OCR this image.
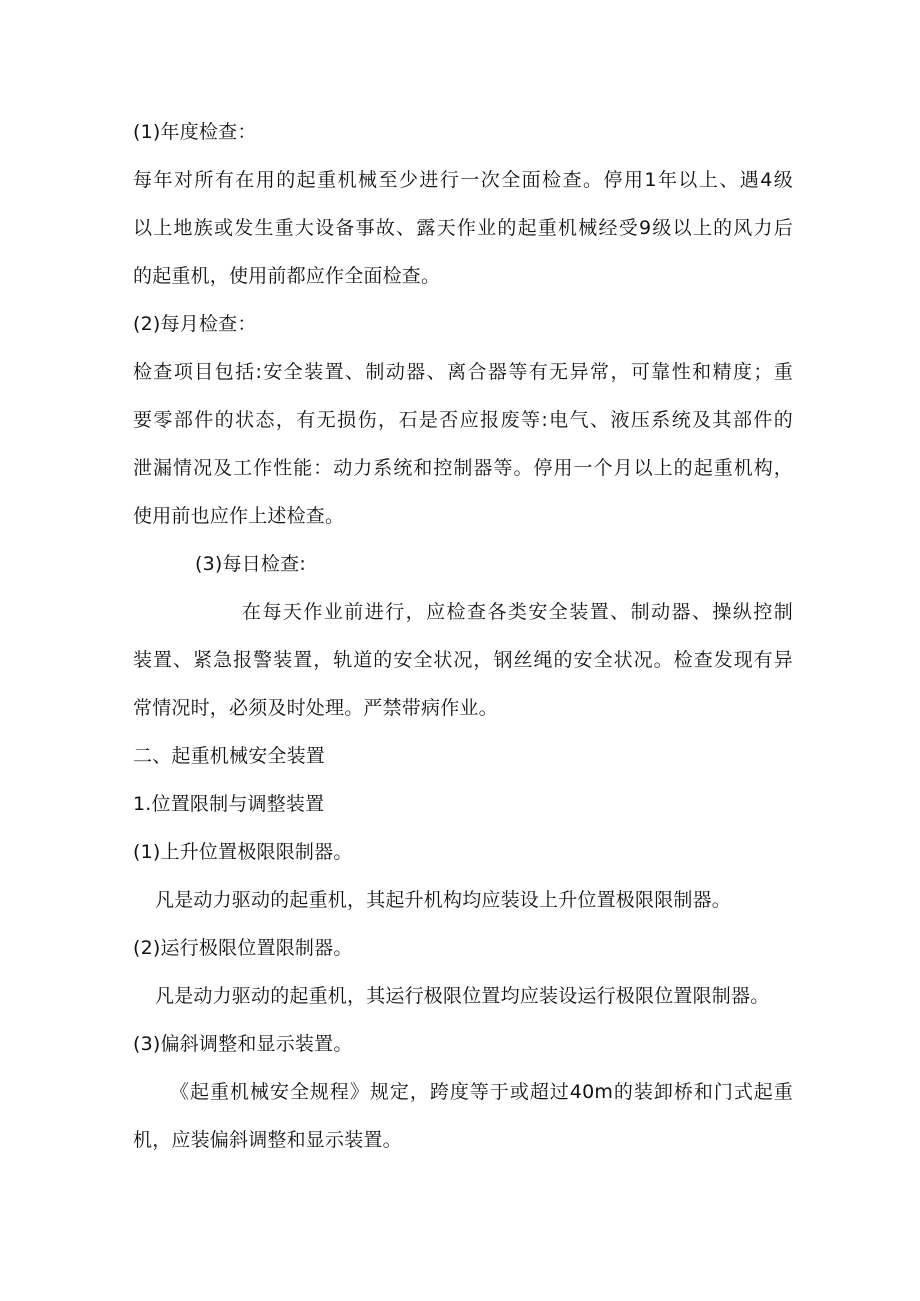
(1)年度检查：
每年对所有在用的起重机械至少进行一次全面检查。停用1年以上、遇4级
以上地族或发生重大设备事故、露天作业的起重机械经受9级以上的风力后
的起重机，使用前都应作全面检查。
(2)每月检查：
检查项目包括:安全装置、制动器、离合器等有无异常，可靠性和精度；重
要零部件的状态，有无损伤，石是否应报废等:电气、液压系统及其部件的
泄漏情况及工作性能：动力系统和控制器等。停用一个月以上的起重机构，
使用前也应作上述检查。
(3)每日检查:
在每天作业前进行，应检查各类安全装置、制动器、操纵控制
装置、紧急报警装置，轨道的安全状况，钢丝绳的安全状况。检查发现有异
常情况时，必须及时处理。严禁带病作业。
二、起重机械安全装置
1.位置限制与调整装置
(1)上升位置极限限制器。
凡是动力驱动的起重机，其起升机构均应装设上升位置极限限制器。
(2)运行极限位置限制器。
凡是动力驱动的起重机，其运行极限位置均应装设运行极限位置限制器。
(3)偏斜调整和显示装置。
《起重机械安全规程》规定，跨度等于或超过40m的装卸桥和门式起重
机，应装偏斜调整和显示装置。
